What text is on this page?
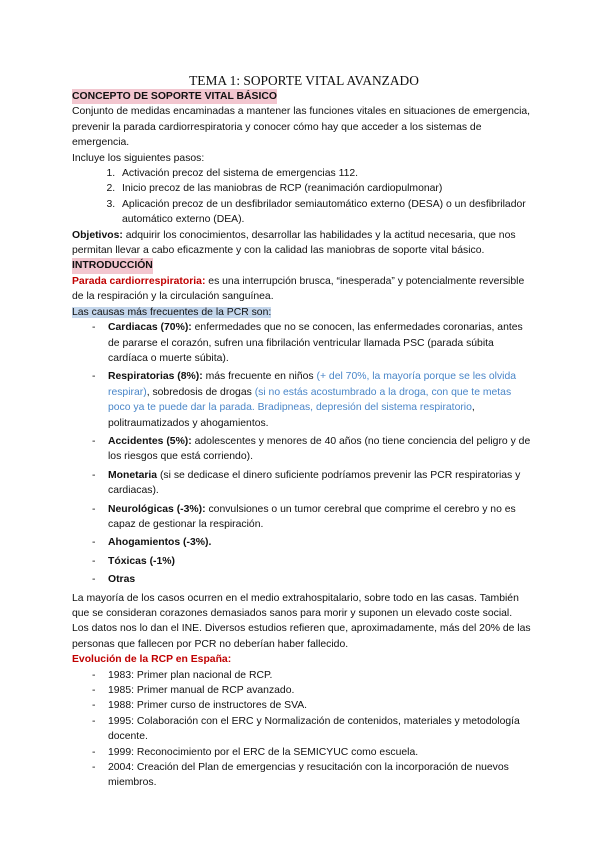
TEMA 1: SOPORTE VITAL AVANZADO
CONCEPTO DE SOPORTE VITAL BÁSICO

Conjunto de medidas encaminadas a mantener las funciones vitales en situaciones de emergencia, prevenir la parada cardiorrespiratoria y conocer cómo hay que acceder a los sistemas de emergencia.

Incluye los siguientes pasos:

1. Activación precoz del sistema de emergencias 112.
2. Inicio precoz de las maniobras de RCP (reanimación cardiopulmonar)
3. Aplicación precoz de un desfibrilador semiautomático externo (DESA) o un desfibrilador automático externo (DEA).

Objetivos: adquirir los conocimientos, desarrollar las habilidades y la actitud necesaria, que nos permitan llevar a cabo eficazmente y con la calidad las maniobras de soporte vital básico.

INTRODUCCIÓN

Parada cardiorrespiratoria: es una interrupción brusca, “inesperada” y potencialmente reversible de la respiración y la circulación sanguínea.

Las causas más frecuentes de la PCR son:

- Cardiacas (70%): enfermedades que no se conocen, las enfermedades coronarias, antes de pararse el corazón, sufren una fibrilación ventricular llamada PSC (parada súbita cardíaca o muerte súbita).
- Respiratorias (8%): más frecuente en niños (+ del 70%, la mayoría porque se les olvida respirar), sobredosis de drogas (si no estás acostumbrado a la droga, con que te metas poco ya te puede dar la parada. Bradipneas, depresión del sistema respiratorio, politraumatizados y ahogamientos.
- Accidentes (5%): adolescentes y menores de 40 años (no tiene conciencia del peligro y de los riesgos que está corriendo).
- Monetaria (si se dedicase el dinero suficiente podríamos prevenir las PCR respiratorias y cardiacas).
- Neurológicas (-3%): convulsiones o un tumor cerebral que comprime el cerebro y no es capaz de gestionar la respiración.
- Ahogamientos (-3%).
- Tóxicas (-1%)
- Otras

La mayoría de los casos ocurren en el medio extrahospitalario, sobre todo en las casas. También que se consideran corazones demasiados sanos para morir y suponen un elevado coste social.

Los datos nos lo dan el INE. Diversos estudios refieren que, aproximadamente, más del 20% de las personas que fallecen por PCR no deberían haber fallecido.

Evolución de la RCP en España:
- 1983: Primer plan nacional de RCP.
- 1985: Primer manual de RCP avanzado.
- 1988: Primer curso de instructores de SVA.
- 1995: Colaboración con el ERC y Normalización de contenidos, materiales y metodología docente.
- 1999: Reconocimiento por el ERC de la SEMICYUC como escuela.
- 2004: Creación del Plan de emergencias y resucitación con la incorporación de nuevos miembros.
